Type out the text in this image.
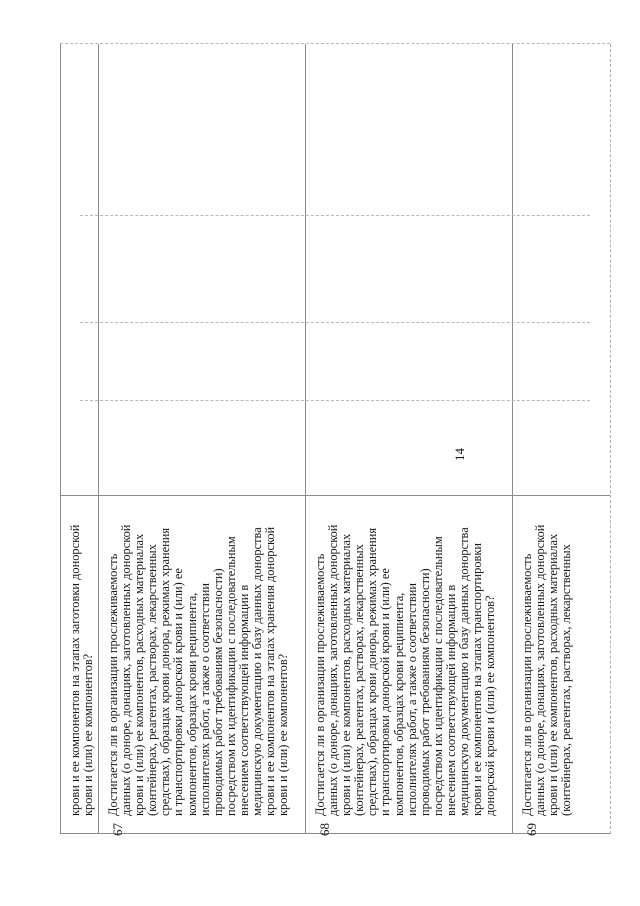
14
67	68	69
крови и ее компонентов на этапах заготовки донорской
крови и (или) ее компонентов?
Достигается ли в организации прослеживаемость
данных (о доноре, донациях, заготовленных донорской
крови и (или) ее компонентов, расходных материалах
(контейнерах, реагентах, растворах, лекарственных
средствах), образцах крови донора, режимах хранения
и транспортировки донорской крови и (или) ее
компонентов, образцах крови реципиента,
исполнителях работ, а также о соответствии
проводимых работ требованиям безопасности)
посредством их идентификации с последовательным
внесением соответствующей информации в
медицинскую документацию и базу данных донорства
крови и ее компонентов на этапах хранения донорской
крови и (или) ее компонентов?
Достигается ли в организации прослеживаемость
данных (о доноре, донациях, заготовленных донорской
крови и (или) ее компонентов, расходных материалах
(контейнерах, реагентах, растворах, лекарственных
средствах), образцах крови донора, режимах хранения
и транспортировки донорской крови и (или) ее
компонентов, образцах крови реципиента,
исполнителях работ, а также о соответствии
проводимых работ требованиям безопасности)
посредством их идентификации с последовательным
внесением соответствующей информации в
медицинскую документацию и базу данных донорства
крови и ее компонентов на этапах транспортировки
донорской крови и (или) ее компонентов?
Достигается ли в организации прослеживаемость
данных (о доноре, донациях, заготовленных донорской
крови и (или) ее компонентов, расходных материалах
(контейнерах, реагентах, растворах, лекарственных
